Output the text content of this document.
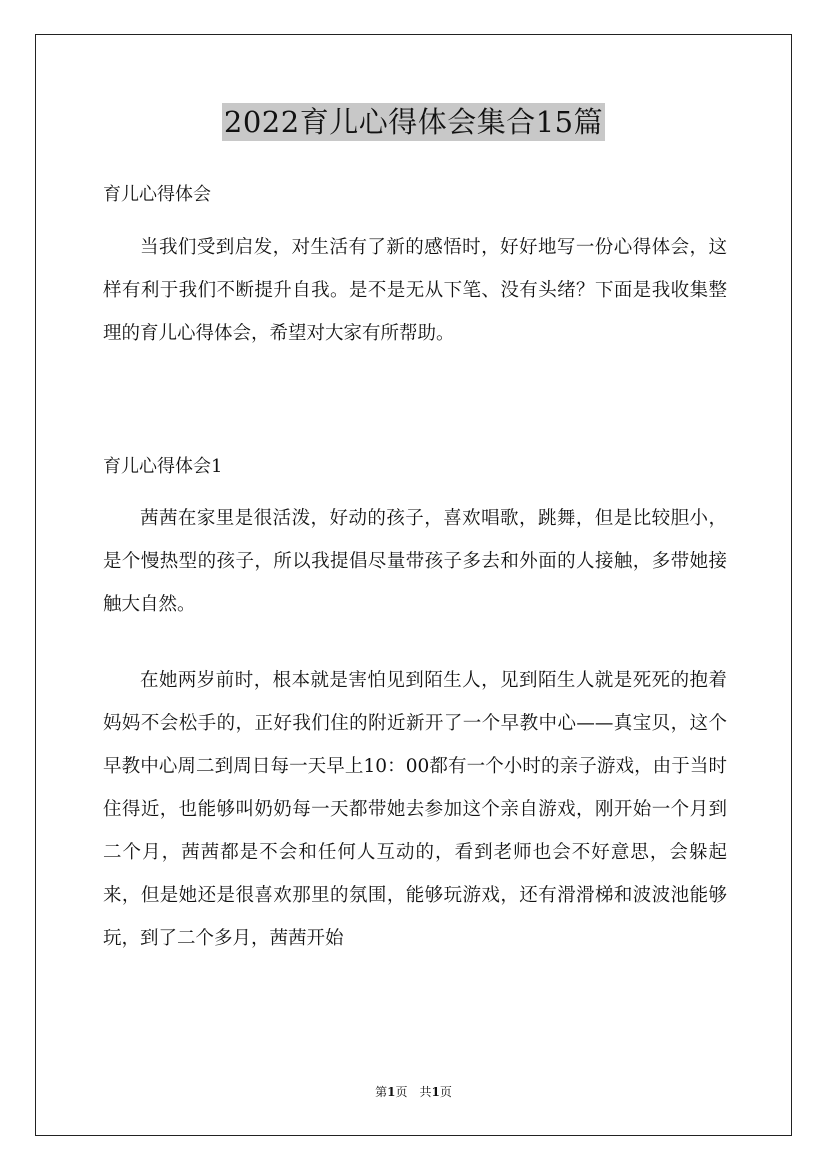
2022育儿心得体会集合15篇
育儿心得体会
当我们受到启发，对生活有了新的感悟时，好好地写一份心得体会，这样有利于我们不断提升自我。是不是无从下笔、没有头绪？下面是我收集整理的育儿心得体会，希望对大家有所帮助。
育儿心得体会1
茜茜在家里是很活泼，好动的孩子，喜欢唱歌，跳舞，但是比较胆小，是个慢热型的孩子，所以我提倡尽量带孩子多去和外面的人接触，多带她接触大自然。
在她两岁前时，根本就是害怕见到陌生人，见到陌生人就是死死的抱着妈妈不会松手的，正好我们住的附近新开了一个早教中心——真宝贝，这个早教中心周二到周日每一天早上10：00都有一个小时的亲子游戏，由于当时住得近，也能够叫奶奶每一天都带她去参加这个亲自游戏，刚开始一个月到二个月，茜茜都是不会和任何人互动的，看到老师也会不好意思，会躲起来，但是她还是很喜欢那里的氛围，能够玩游戏，还有滑滑梯和波波池能够玩，到了二个多月，茜茜开始
第1页　共1页
